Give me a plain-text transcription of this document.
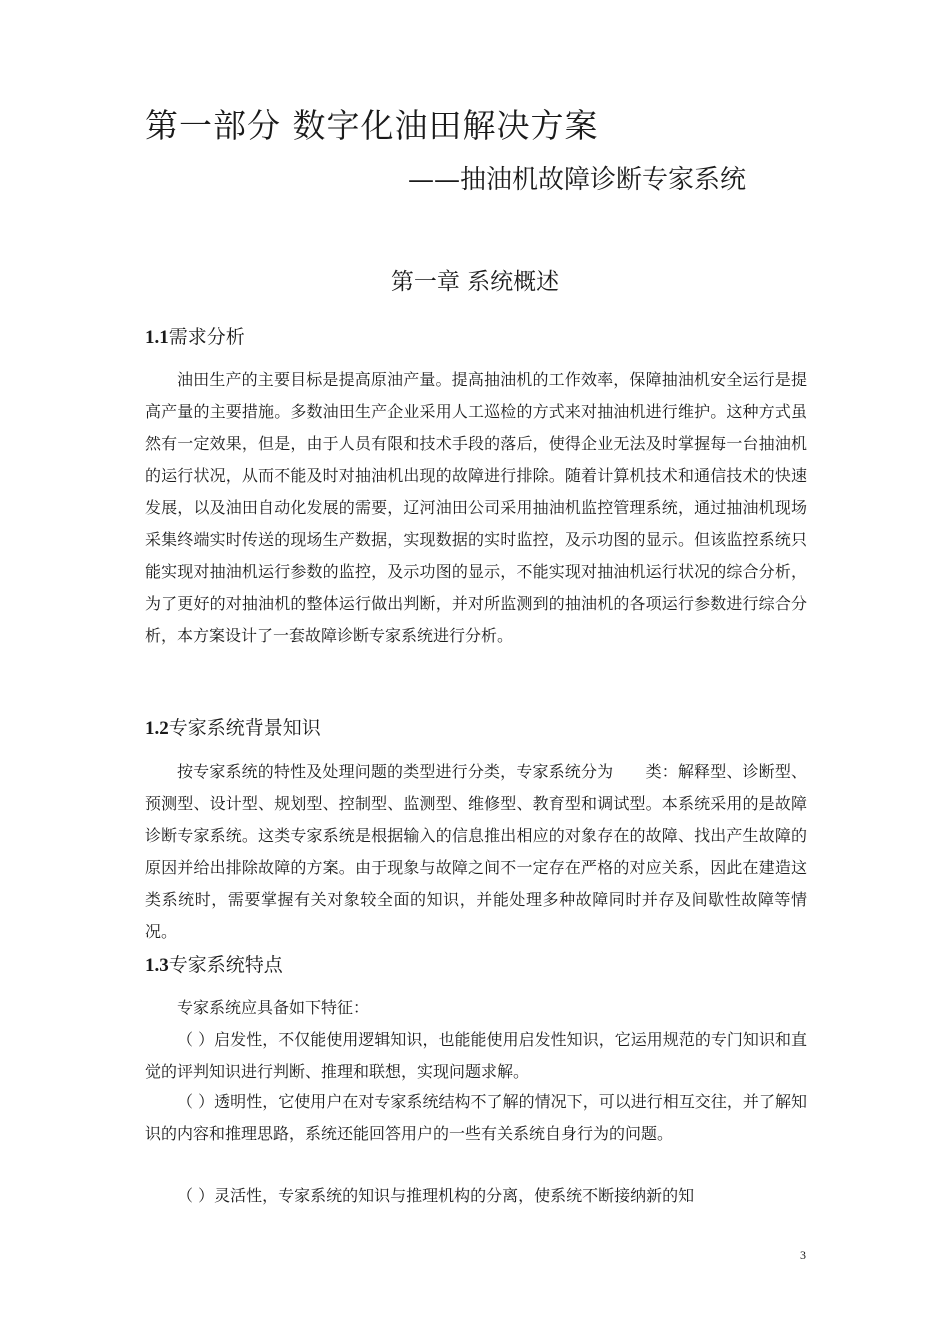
第一部分 数字化油田解决方案
——抽油机故障诊断专家系统
第一章 系统概述
1.1需求分析

油田生产的主要目标是提高原油产量。提高抽油机的工作效率，保障抽油机安全运行是提高产量的主要措施。多数油田生产企业采用人工巡检的方式来对抽油机进行维护。这种方式虽然有一定效果，但是，由于人员有限和技术手段的落后，使得企业无法及时掌握每一台抽油机的运行状况，从而不能及时对抽油机出现的故障进行排除。随着计算机技术和通信技术的快速发展，以及油田自动化发展的需要，辽河油田公司采用抽油机监控管理系统，通过抽油机现场采集终端实时传送的现场生产数据，实现数据的实时监控，及示功图的显示。但该监控系统只能实现对抽油机运行参数的监控，及示功图的显示，不能实现对抽油机运行状况的综合分析，为了更好的对抽油机的整体运行做出判断，并对所监测到的抽油机的各项运行参数进行综合分析，本方案设计了一套故障诊断专家系统进行分析。

1.2专家系统背景知识

按专家系统的特性及处理问题的类型进行分类，专家系统分为　　类：解释型、诊断型、预测型、设计型、规划型、控制型、监测型、维修型、教育型和调试型。本系统采用的是故障诊断专家系统。这类专家系统是根据输入的信息推出相应的对象存在的故障、找出产生故障的原因并给出排除故障的方案。由于现象与故障之间不一定存在严格的对应关系，因此在建造这类系统时，需要掌握有关对象较全面的知识，并能处理多种故障同时并存及间歇性故障等情况。

1.3专家系统特点

专家系统应具备如下特征：

（ ）启发性，不仅能使用逻辑知识，也能能使用启发性知识，它运用规范的专门知识和直觉的评判知识进行判断、推理和联想，实现问题求解。

（ ）透明性，它使用户在对专家系统结构不了解的情况下，可以进行相互交往，并了解知识的内容和推理思路，系统还能回答用户的一些有关系统自身行为的问题。

（ ）灵活性，专家系统的知识与推理机构的分离，使系统不断接纳新的知

3
